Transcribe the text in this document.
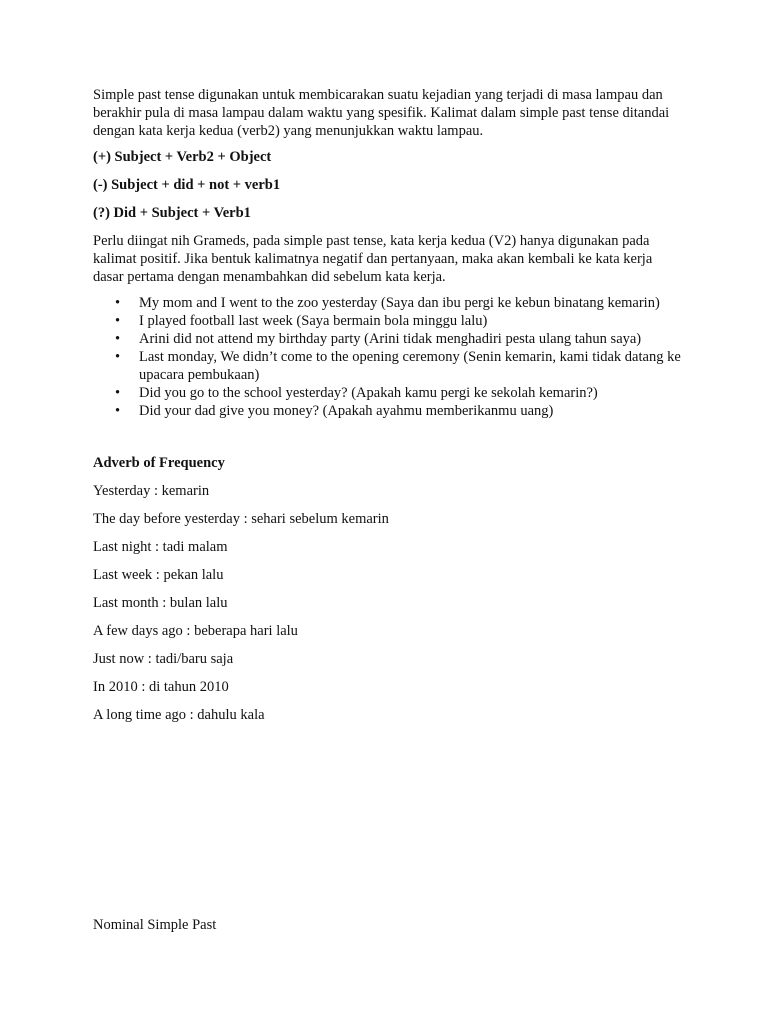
Simple past tense digunakan untuk membicarakan suatu kejadian yang terjadi di masa lampau dan berakhir pula di masa lampau dalam waktu yang spesifik. Kalimat dalam simple past tense ditandai dengan kata kerja kedua (verb2) yang menunjukkan waktu lampau.

(+) Subject + Verb2 + Object

(-) Subject + did + not + verb1

(?) Did + Subject + Verb1

Perlu diingat nih Grameds, pada simple past tense, kata kerja kedua (V2) hanya digunakan pada kalimat positif. Jika bentuk kalimatnya negatif dan pertanyaan, maka akan kembali ke kata kerja dasar pertama dengan menambahkan did sebelum kata kerja.

• My mom and I went to the zoo yesterday (Saya dan ibu pergi ke kebun binatang kemarin)
• I played football last week (Saya bermain bola minggu lalu)
• Arini did not attend my birthday party (Arini tidak menghadiri pesta ulang tahun saya)
• Last monday, We didn’t come to the opening ceremony (Senin kemarin, kami tidak datang ke upacara pembukaan)
• Did you go to the school yesterday? (Apakah kamu pergi ke sekolah kemarin?)
• Did your dad give you money? (Apakah ayahmu memberikanmu uang)

Adverb of Frequency

Yesterday : kemarin

The day before yesterday : sehari sebelum kemarin

Last night : tadi malam

Last week : pekan lalu

Last month : bulan lalu

A few days ago : beberapa hari lalu

Just now : tadi/baru saja

In 2010 : di tahun 2010

A long time ago : dahulu kala

Nominal Simple Past
